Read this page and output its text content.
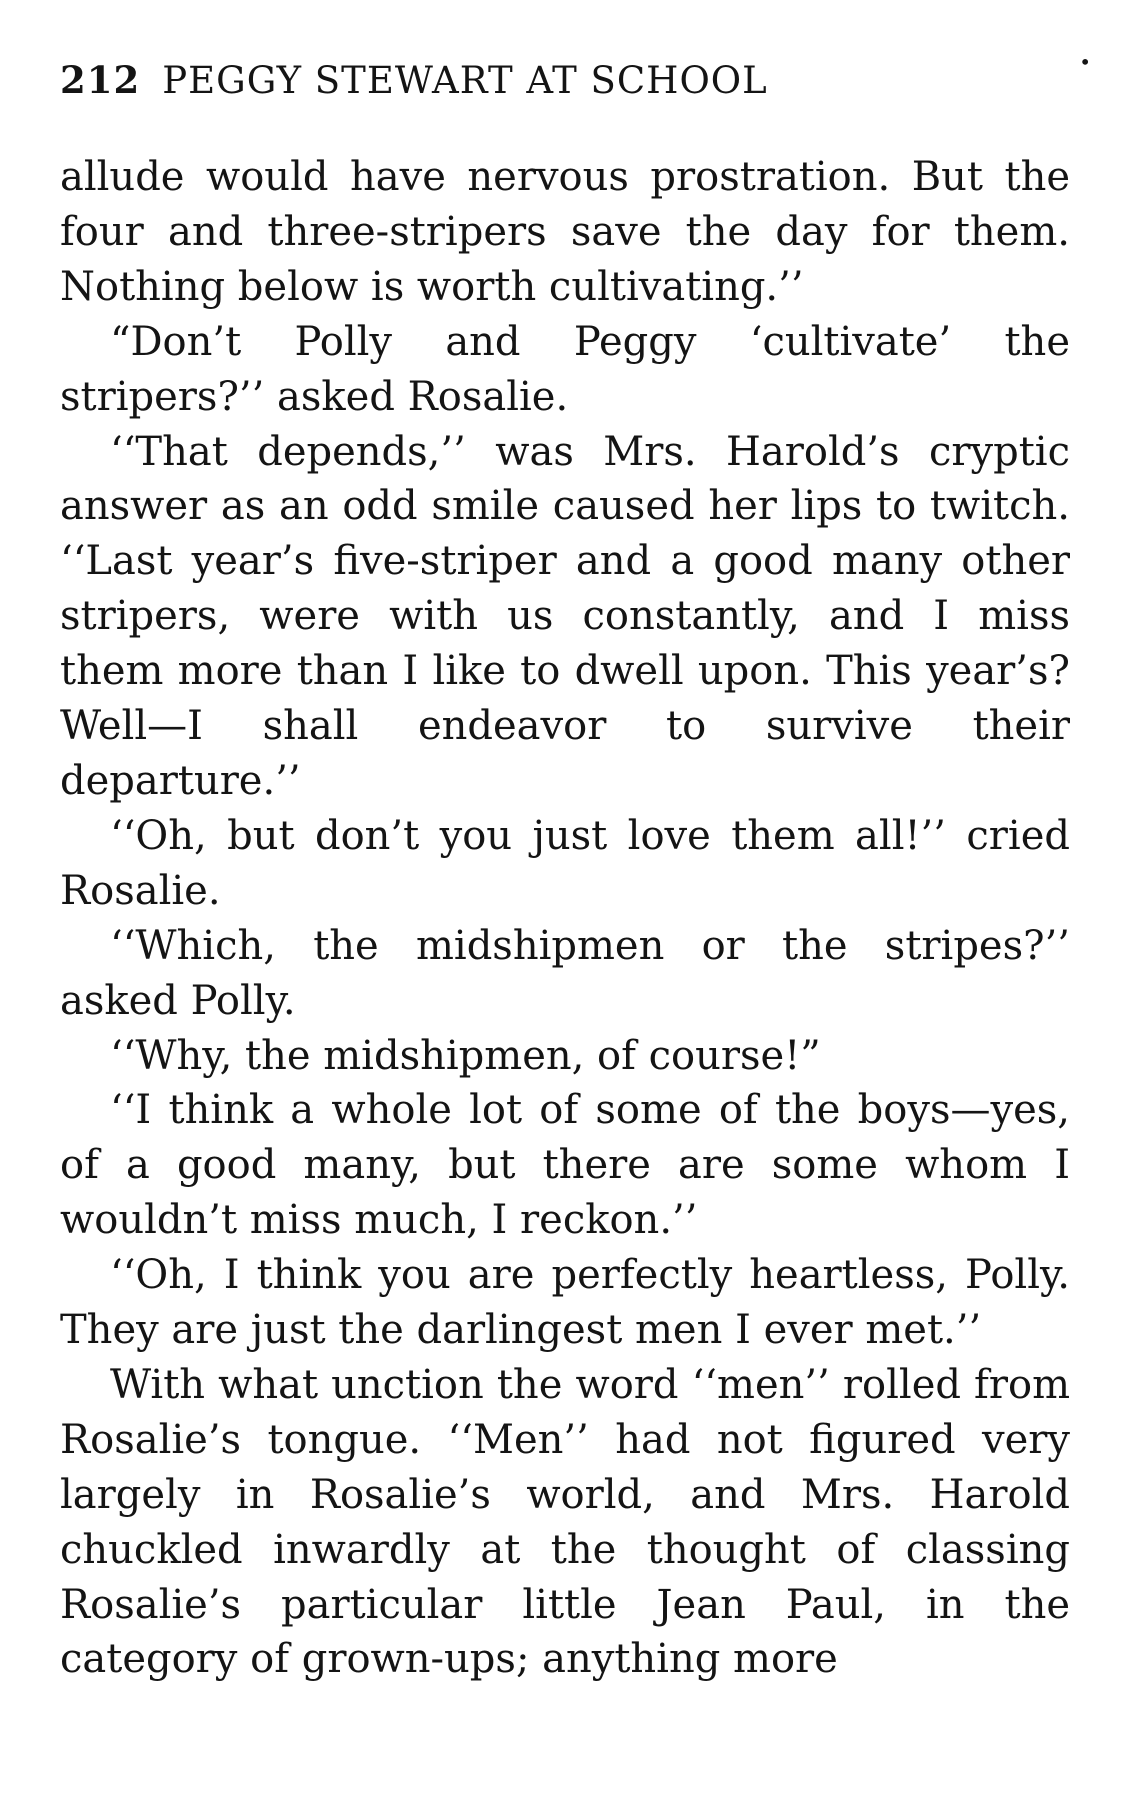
212 PEGGY STEWART AT SCHOOL	•

allude would have nervous prostration. But the four and three-stripers save the day for them. Nothing below is worth cultivating.’’

“Don’t Polly and Peggy ‘cultivate’ the stripers?’’ asked Rosalie.

‘‘That depends,’’ was Mrs. Harold’s cryptic answer as an odd smile caused her lips to twitch. ‘‘Last year’s five-striper and a good many other stripers, were with us constantly, and I miss them more than I like to dwell upon. This year’s? Well—I shall endeavor to survive their departure.’’

‘‘Oh, but don’t you just love them all!’’ cried Rosalie.

‘‘Which, the midshipmen or the stripes?’’ asked Polly.

‘‘Why, the midshipmen, of course!”

‘‘I think a whole lot of some of the boys—yes, of a good many, but there are some whom I wouldn’t miss much, I reckon.’’

‘‘Oh, I think you are perfectly heartless, Polly. They are just the darlingest men I ever met.’’

With what unction the word ‘‘men’’ rolled from Rosalie’s tongue. ‘‘Men’’ had not figured very largely in Rosalie’s world, and Mrs. Harold chuckled inwardly at the thought of classing Rosalie’s particular little Jean Paul, in the category of grown-ups; anything more
